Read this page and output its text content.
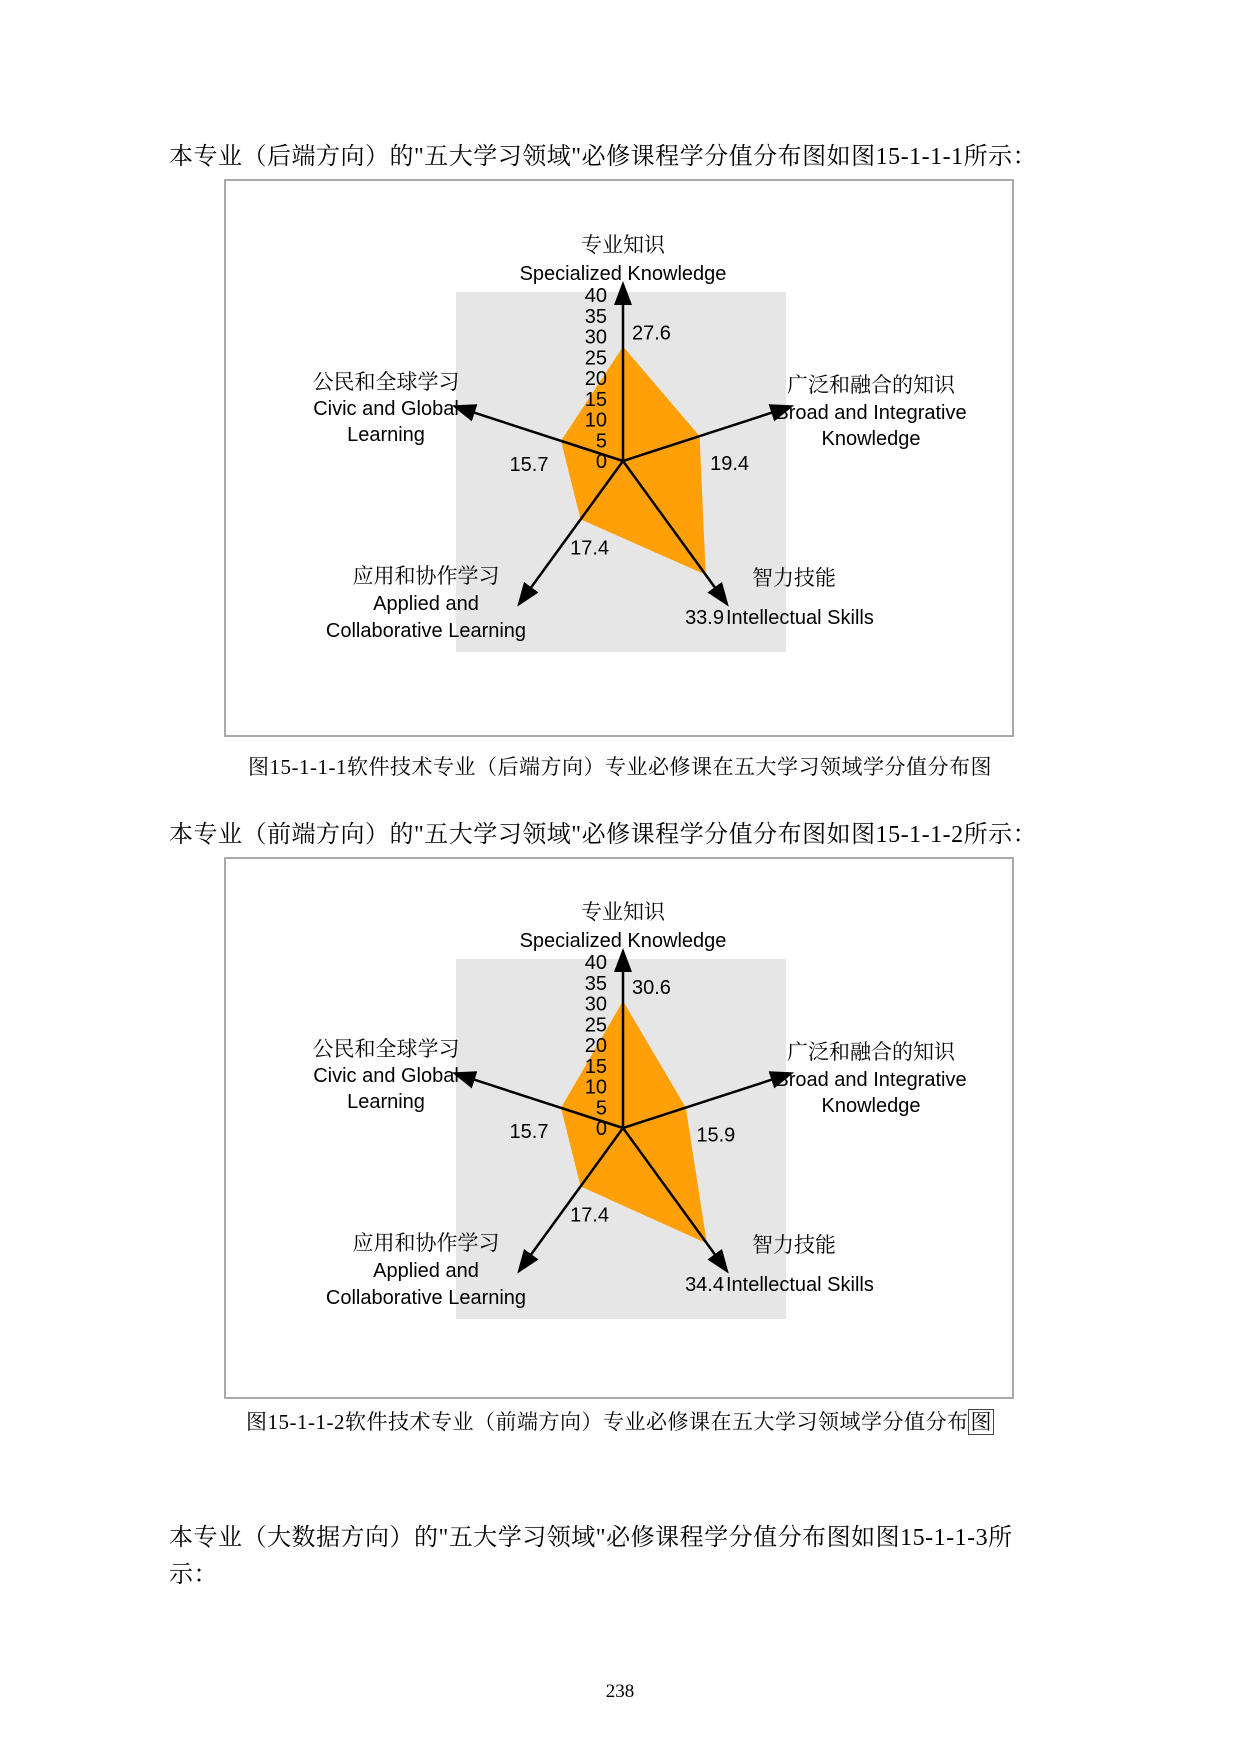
本专业（后端方向）的"五大学习领域"必修课程学分值分布图如图15-1-1-1所示：

0
5
10
15
20
25
30
35
40
27.6
19.4
33.9
17.4
15.7
专业知识
Specialized Knowledge
广泛和融合的知识
Broad and Integrative
Knowledge
智力技能
Intellectual Skills
应用和协作学习
Applied and
Collaborative Learning
公民和全球学习
Civic and Global
Learning

图15-1-1-1软件技术专业（后端方向）专业必修课在五大学习领域学分值分布图

本专业（前端方向）的"五大学习领域"必修课程学分值分布图如图15-1-1-2所示：

0
5
10
15
20
25
30
35
40
30.6
15.9
34.4
17.4
15.7
专业知识
Specialized Knowledge
广泛和融合的知识
Broad and Integrative
Knowledge
智力技能
Intellectual Skills
应用和协作学习
Applied and
Collaborative Learning
公民和全球学习
Civic and Global
Learning

图15-1-1-2软件技术专业（前端方向）专业必修课在五大学习领域学分值分布图

本专业（大数据方向）的"五大学习领域"必修课程学分值分布图如图15-1-1-3所
示：

238
